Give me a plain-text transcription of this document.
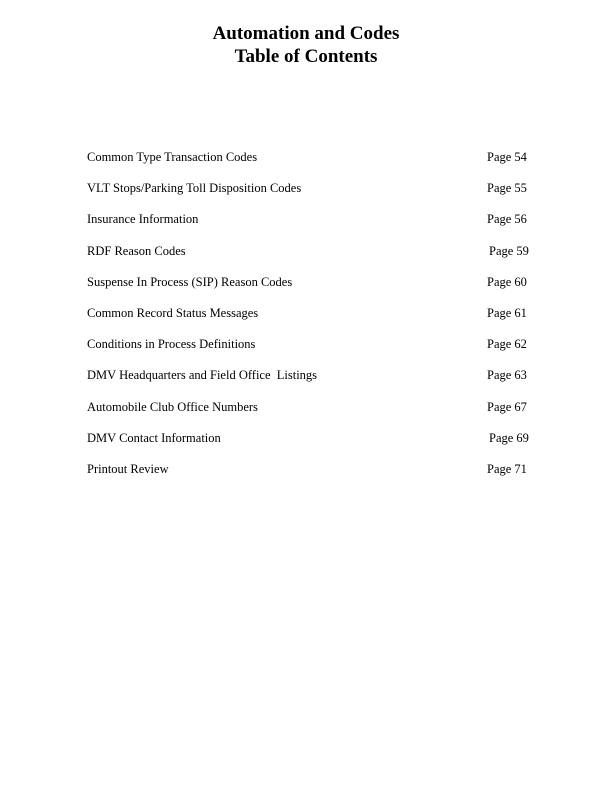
Automation and Codes
Table of Contents
Common Type Transaction Codes	Page 54
VLT Stops/Parking Toll Disposition Codes	Page 55
Insurance Information	Page 56
RDF Reason Codes	Page 59
Suspense In Process (SIP) Reason Codes	Page 60
Common Record Status Messages	Page 61
Conditions in Process Definitions	Page 62
DMV Headquarters and Field Office  Listings	Page 63
Automobile Club Office Numbers	Page 67
DMV Contact Information	Page 69
Printout Review	Page 71
